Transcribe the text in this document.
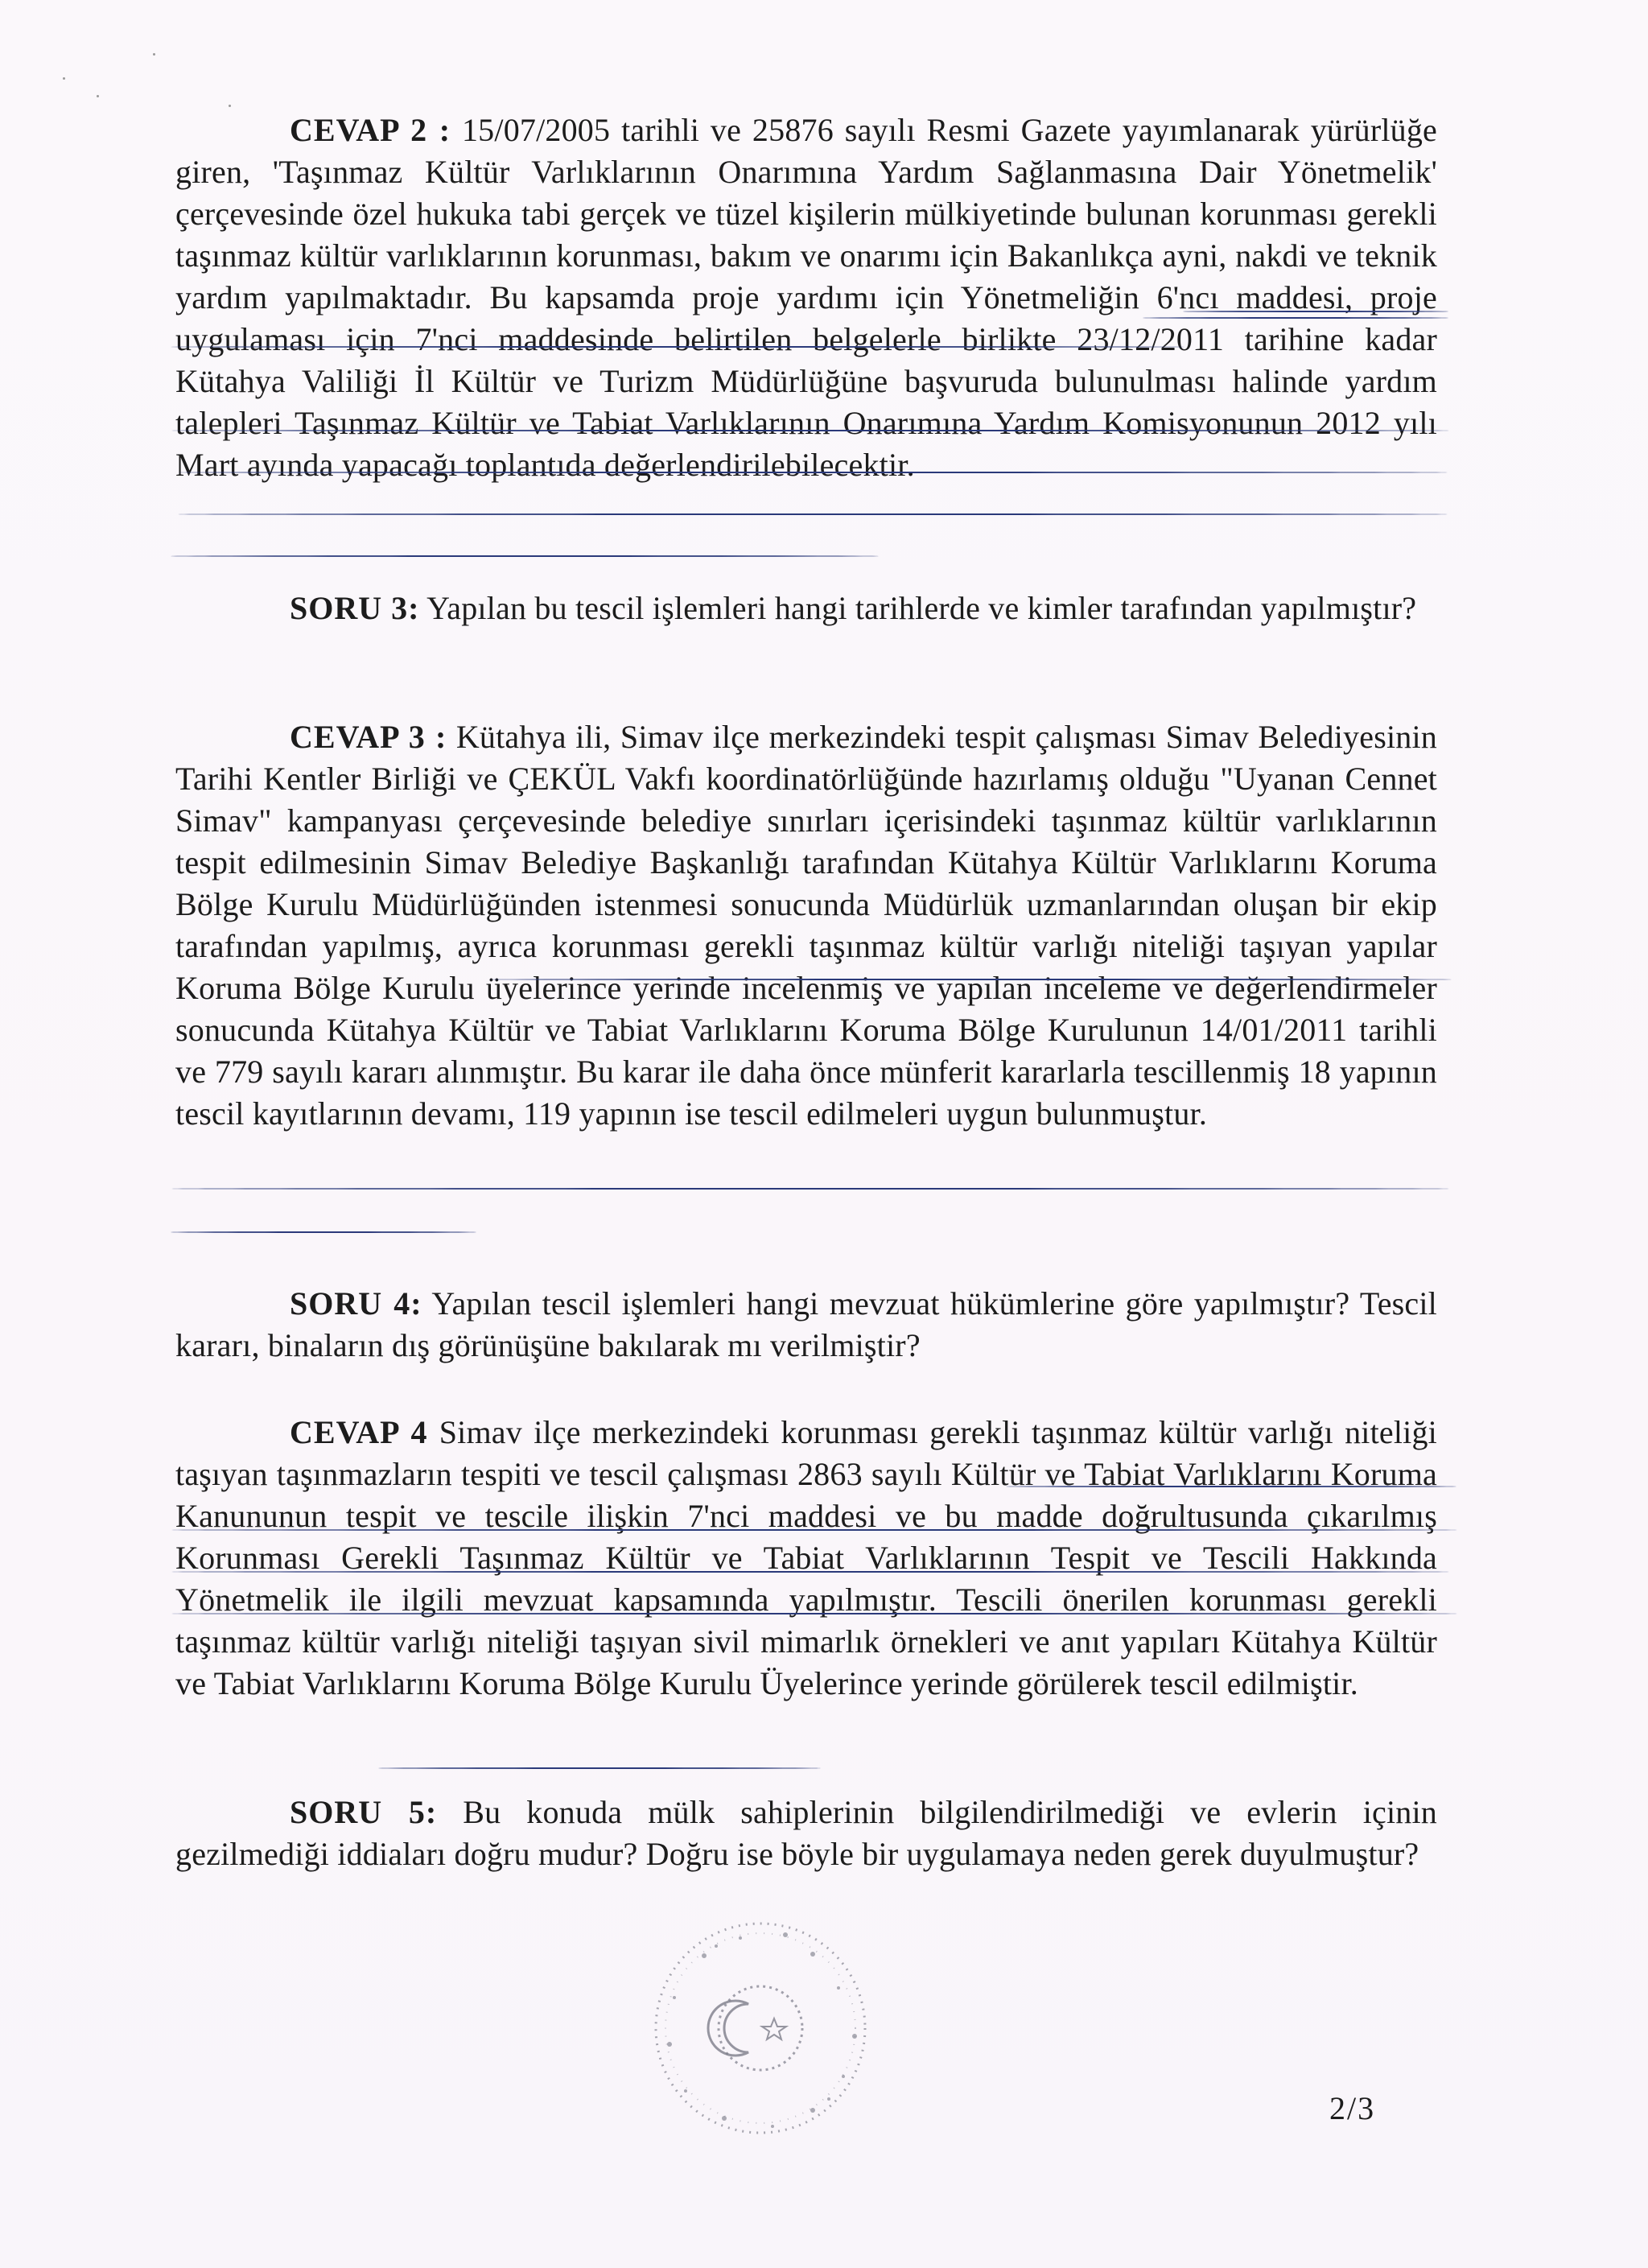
CEVAP 2 : 15/07/2005 tarihli ve 25876 sayılı Resmi Gazete yayımlanarak yürürlüğe giren, 'Taşınmaz Kültür Varlıklarının Onarımına Yardım Sağlanmasına Dair Yönetmelik' çerçevesinde özel hukuka tabi gerçek ve tüzel kişilerin mülkiyetinde bulunan korunması gerekli taşınmaz kültür varlıklarının korunması, bakım ve onarımı için Bakanlıkça ayni, nakdi ve teknik yardım yapılmaktadır. Bu kapsamda proje yardımı için Yönetmeliğin 6'ncı maddesi, proje uygulaması için 7'nci maddesinde belirtilen belgelerle birlikte 23/12/2011 tarihine kadar Kütahya Valiliği İl Kültür ve Turizm Müdürlüğüne başvuruda bulunulması halinde yardım talepleri Taşınmaz Kültür ve Tabiat Varlıklarının Onarımına Yardım Komisyonunun 2012 yılı Mart ayında yapacağı toplantıda değerlendirilebilecektir.
SORU 3: Yapılan bu tescil işlemleri hangi tarihlerde ve kimler tarafından yapılmıştır?
CEVAP 3 : Kütahya ili, Simav ilçe merkezindeki tespit çalışması Simav Belediyesinin Tarihi Kentler Birliği ve ÇEKÜL Vakfı koordinatörlüğünde hazırlamış olduğu "Uyanan Cennet Simav" kampanyası çerçevesinde belediye sınırları içerisindeki taşınmaz kültür varlıklarının tespit edilmesinin Simav Belediye Başkanlığı tarafından Kütahya Kültür Varlıklarını Koruma Bölge Kurulu Müdürlüğünden istenmesi sonucunda Müdürlük uzmanlarından oluşan bir ekip tarafından yapılmış, ayrıca korunması gerekli taşınmaz kültür varlığı niteliği taşıyan yapılar Koruma Bölge Kurulu üyelerince yerinde incelenmiş ve yapılan inceleme ve değerlendirmeler sonucunda Kütahya Kültür ve Tabiat Varlıklarını Koruma Bölge Kurulunun 14/01/2011 tarihli ve 779 sayılı kararı alınmıştır. Bu karar ile daha önce münferit kararlarla tescillenmiş 18 yapının tescil kayıtlarının devamı, 119 yapının ise tescil edilmeleri uygun bulunmuştur.
SORU 4: Yapılan tescil işlemleri hangi mevzuat hükümlerine göre yapılmıştır? Tescil kararı, binaların dış görünüşüne bakılarak mı verilmiştir?
CEVAP 4 Simav ilçe merkezindeki korunması gerekli taşınmaz kültür varlığı niteliği taşıyan taşınmazların tespiti ve tescil çalışması 2863 sayılı Kültür ve Tabiat Varlıklarını Koruma Kanununun tespit ve tescile ilişkin 7'nci maddesi ve bu madde doğrultusunda çıkarılmış Korunması Gerekli Taşınmaz Kültür ve Tabiat Varlıklarının Tespit ve Tescili Hakkında Yönetmelik ile ilgili mevzuat kapsamında yapılmıştır. Tescili önerilen korunması gerekli taşınmaz kültür varlığı niteliği taşıyan sivil mimarlık örnekleri ve anıt yapıları Kütahya Kültür ve Tabiat Varlıklarını Koruma Bölge Kurulu Üyelerince yerinde görülerek tescil edilmiştir.
SORU 5: Bu konuda mülk sahiplerinin bilgilendirilmediği ve evlerin içinin gezilmediği iddiaları doğru mudur? Doğru ise böyle bir uygulamaya neden gerek duyulmuştur?
2/3
